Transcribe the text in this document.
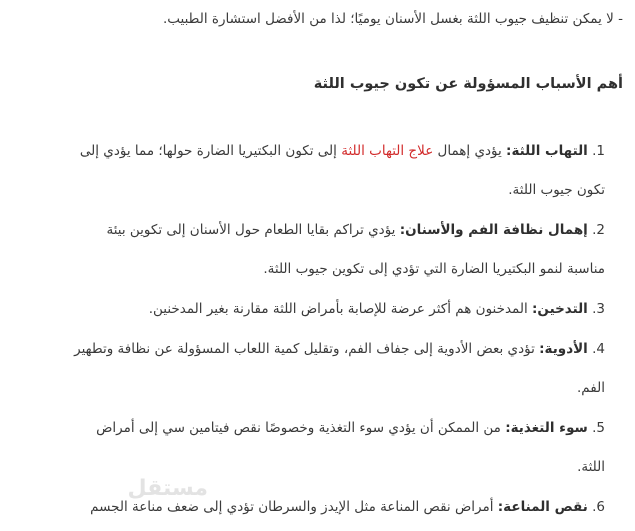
- لا يمكن تنظيف جيوب اللثة بغسل الأسنان يوميًا؛ لذا من الأفضل استشارة الطبيب.
أهم الأسباب المسؤولة عن تكون جيوب اللثة
1. التهاب اللثة: يؤدي إهمال علاج التهاب اللثة إلى تكون البكتيريا الضارة حولها؛ مما يؤدي إلى تكون جيوب اللثة.
2. إهمال نظافة الفم والأسنان: يؤدي تراكم بقايا الطعام حول الأسنان إلى تكوين بيئة مناسبة لنمو البكتيريا الضارة التي تؤدي إلى تكوين جيوب اللثة.
3. التدخين: المدخنون هم أكثر عرضة للإصابة بأمراض اللثة مقارنة بغير المدخنين.
4. الأدوية: تؤدي بعض الأدوية إلى جفاف الفم، وتقليل كمية اللعاب المسؤولة عن نظافة وتطهير الفم.
5. سوء التغذية: من الممكن أن يؤدي سوء التغذية وخصوصًا نقص فيتامين سي إلى أمراض اللثة.
6. نقص المناعة: أمراض نقص المناعة مثل الإيدز والسرطان تؤدي إلى ضعف مناعة الجسم
مستقل
